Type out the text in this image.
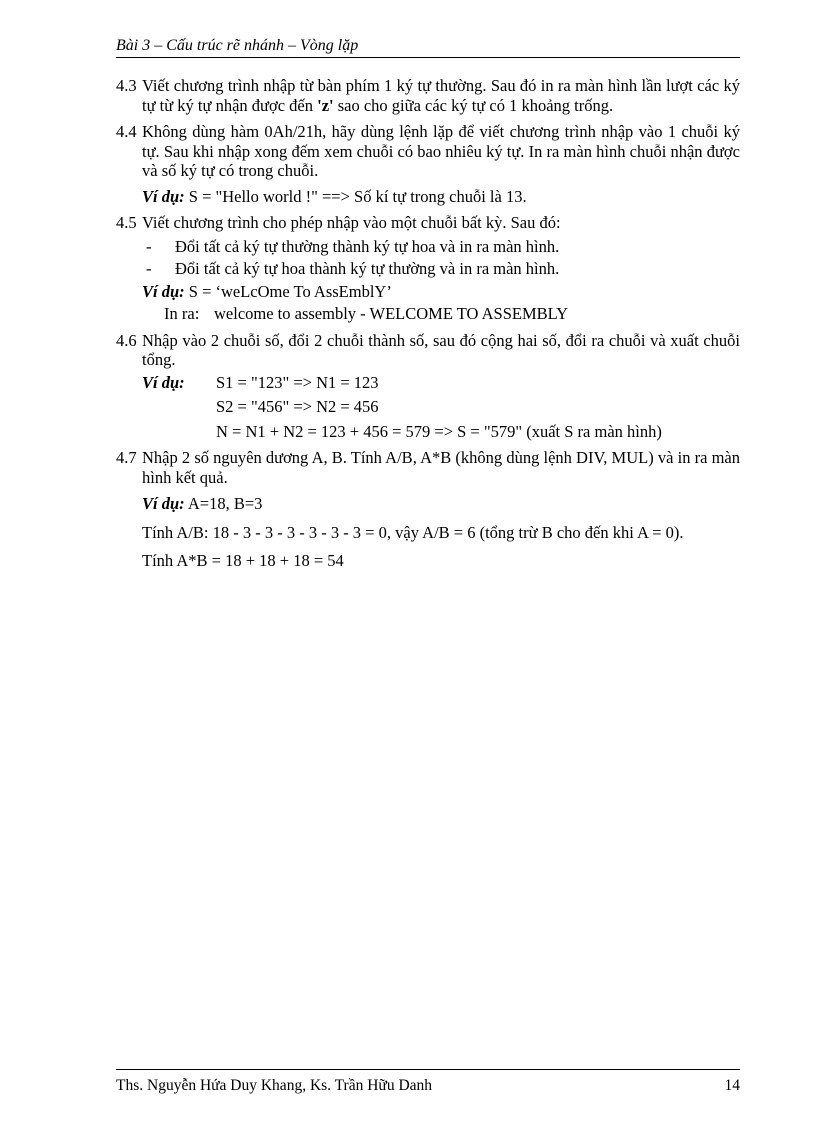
Bài 3 – Cấu trúc rẽ nhánh – Vòng lặp
4.3 Viết chương trình nhập từ bàn phím 1 ký tự thường. Sau đó in ra màn hình lần lượt các ký tự từ ký tự nhận được đến 'z' sao cho giữa các ký tự có 1 khoảng trống.
4.4 Không dùng hàm 0Ah/21h, hãy dùng lệnh lặp để viết chương trình nhập vào 1 chuỗi ký tự. Sau khi nhập xong đếm xem chuỗi có bao nhiêu ký tự. In ra màn hình chuỗi nhận được và số ký tự có trong chuỗi.
Ví dụ: S = "Hello world !" ==> Số kí tự trong chuỗi là 13.
4.5 Viết chương trình cho phép nhập vào một chuỗi bất kỳ. Sau đó:
- Đổi tất cả ký tự thường thành ký tự hoa và in ra màn hình.
- Đổi tất cả ký tự hoa thành ký tự thường và in ra màn hình.
Ví dụ: S = ‘weLcOme To AssEmblY’
In ra: welcome to assembly - WELCOME TO ASSEMBLY
4.6 Nhập vào 2 chuỗi số, đổi 2 chuỗi thành số, sau đó cộng hai số, đổi ra chuỗi và xuất chuỗi tổng.
Ví dụ:	S1 = "123" => N1 = 123
S2 = "456" => N2 = 456
N = N1 + N2 = 123 + 456 = 579 => S = "579" (xuất S ra màn hình)
4.7 Nhập 2 số nguyên dương A, B. Tính A/B, A*B (không dùng lệnh DIV, MUL) và in ra màn hình kết quả.
Ví dụ: A=18, B=3
Tính A/B: 18 - 3 - 3 - 3 - 3 - 3 - 3 = 0, vậy A/B = 6 (tổng trừ B cho đến khi A = 0).
Tính A*B = 18 + 18 + 18 = 54
Ths. Nguyễn Hứa Duy Khang, Ks. Trần Hữu Danh	14
